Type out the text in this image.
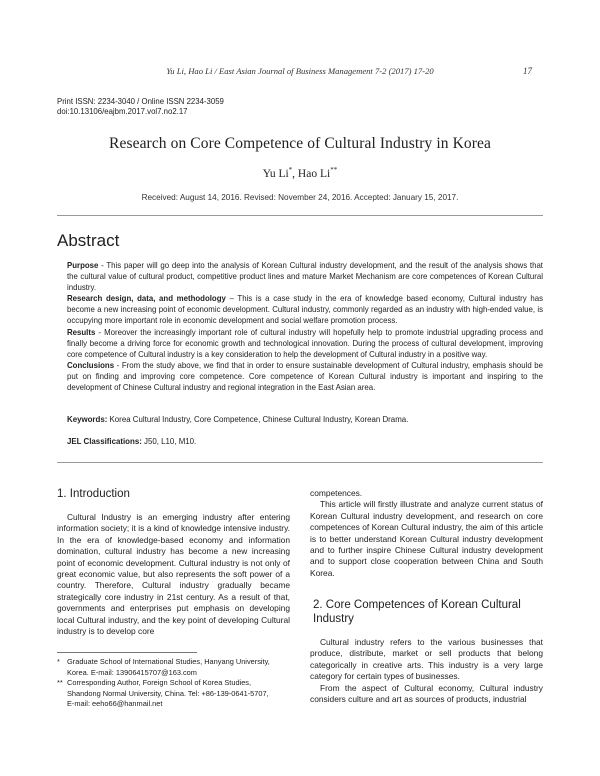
Yu Li, Hao Li / East Asian Journal of Business Management 7-2 (2017) 17-20	17
Print ISSN: 2234-3040 / Online ISSN 2234-3059
doi:10.13106/eajbm.2017.vol7.no2.17
Research on Core Competence of Cultural Industry in Korea
Yu Li*, Hao Li**
Received: August 14, 2016. Revised: November 24, 2016. Accepted: January 15, 2017.
Abstract

Purpose - This paper will go deep into the analysis of Korean Cultural industry development, and the result of the analysis shows that the cultural value of cultural product, competitive product lines and mature Market Mechanism are core competences of Korean Cultural industry.

Research design, data, and methodology – This is a case study in the era of knowledge based economy, Cultural industry has become a new increasing point of economic development. Cultural industry, commonly regarded as an industry with high-ended value, is occupying more important role in economic development and social welfare promotion process.

Results - Moreover the increasingly important role of cultural industry will hopefully help to promote industrial upgrading process and finally become a driving force for economic growth and technological innovation. During the process of cultural development, improving core competence of Cultural industry is a key consideration to help the development of Cultural industry in a positive way.

Conclusions - From the study above, we find that in order to ensure sustainable development of Cultural industry, emphasis should be put on finding and improving core competence. Core competence of Korean Cultural industry is important and inspiring to the development of Chinese Cultural industry and regional integration in the East Asian area.

Keywords: Korea Cultural Industry, Core Competence, Chinese Cultural Industry, Korean Drama.
JEL Classifications: J50, L10, M10.
1. Introduction

Cultural Industry is an emerging industry after entering information society; it is a kind of knowledge intensive industry. In the era of knowledge-based economy and information domination, cultural industry has become a new increasing point of economic development. Cultural industry is not only of great economic value, but also represents the soft power of a country. Therefore, Cultural industry gradually became strategically core industry in 21st century. As a result of that, governments and enterprises put emphasis on developing local Cultural industry, and the key point of developing Cultural industry is to develop core

* Graduate School of International Studies, Hanyang University,
Korea. E-mail: 13906415707@163.com
** Corresponding Author, Foreign School of Korea Studies,
Shandong Normal University, China. Tel: +86-139-0641-5707,
E-mail: eeho66@hanmail.net
competences.

This article will firstly illustrate and analyze current status of Korean Cultural industry development, and research on core competences of Korean Cultural industry, the aim of this article is to better understand Korean Cultural industry development and to further inspire Chinese Cultural industry development and to support close cooperation between China and South Korea.

2. Core Competences of Korean Cultural Industry

Cultural industry refers to the various businesses that produce, distribute, market or sell products that belong categorically in creative arts. This industry is a very large category for certain types of businesses.

From the aspect of Cultural economy, Cultural industry considers culture and art as sources of products, industrial
